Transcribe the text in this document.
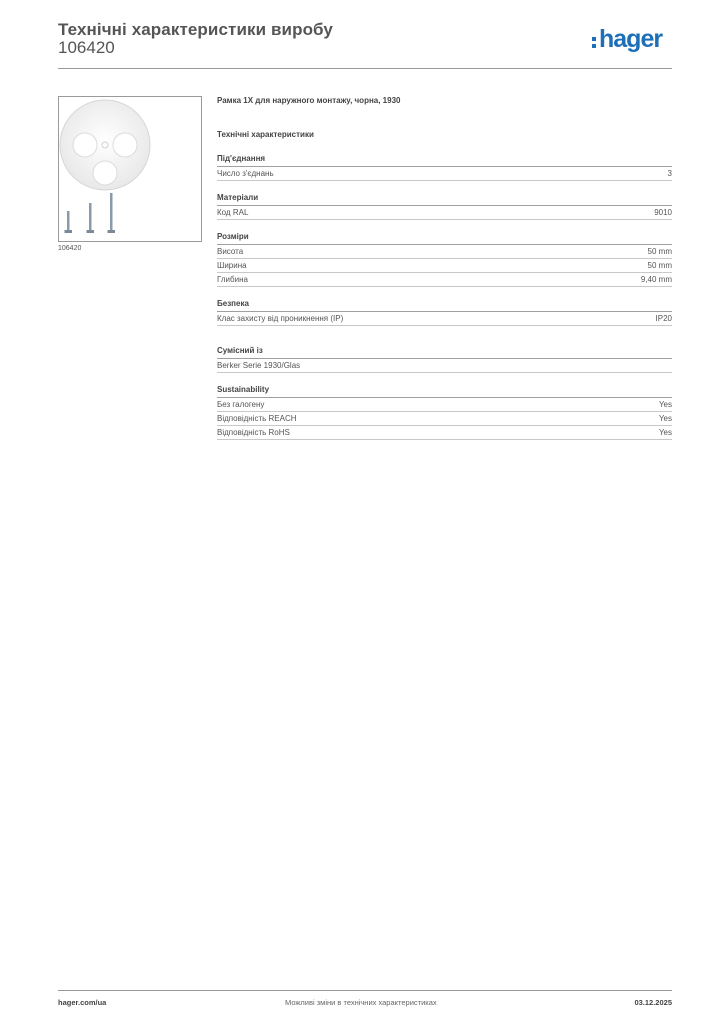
Технічні характеристики виробу
106420	hager
106420
Рамка 1X для наружного монтажу, чорна, 1930
Технічні характеристики
Під'єднання
Число з'єднань	3
Матеріали
Код RAL	9010
Розміри
Висота	50 mm
Ширина	50 mm
Глибина	9,40 mm
Безпека
Клас захисту від проникнення (IP)	IP20
Сумісний із
Berker Serie 1930/Glas
Sustainability
Без галогену	Yes
Відповідність REACH	Yes
Відповідність RoHS	Yes
hager.com/ua	Можливі зміни в технічних характеристиках	03.12.2025
